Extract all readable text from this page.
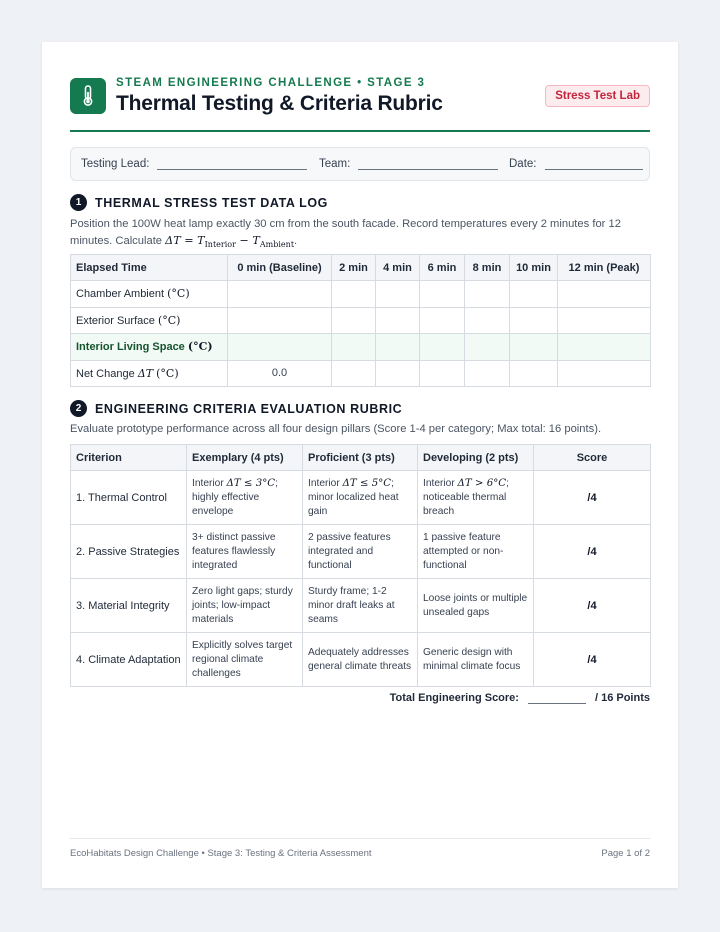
STEAM ENGINEERING CHALLENGE • STAGE 3
Thermal Testing & Criteria Rubric	Stress Test Lab
Testing Lead:	Team:	Date:
1	THERMAL STRESS TEST DATA LOG
Position the 100W heat lamp exactly 30 cm from the south facade. Record temperatures every 2 minutes for 12 minutes. Calculate $\Delta T = T_{Interior} - T_{Ambient}$.
Elapsed Time	0 min (Baseline)	2 min	4 min	6 min	8 min	10 min	12 min (Peak)
Chamber Ambient (°C)							
Exterior Surface (°C)							
Interior Living Space (°C)							
Net Change ΔT (°C)	0.0						
2	ENGINEERING CRITERIA EVALUATION RUBRIC
Evaluate prototype performance across all four design pillars (Score 1-4 per category; Max total: 16 points).
Criterion	Exemplary (4 pts)	Proficient (3 pts)	Developing (2 pts)	Score
1. Thermal Control	Interior ΔT ≤ 3°C; highly effective envelope	Interior ΔT ≤ 5°C; minor localized heat gain	Interior ΔT > 6°C; noticeable thermal breach	/4
2. Passive Strategies	3+ distinct passive features flawlessly integrated	2 passive features integrated and functional	1 passive feature attempted or non-functional	/4
3. Material Integrity	Zero light gaps; sturdy joints; low-impact materials	Sturdy frame; 1-2 minor draft leaks at seams	Loose joints or multiple unsealed gaps	/4
4. Climate Adaptation	Explicitly solves target regional climate challenges	Adequately addresses general climate threats	Generic design with minimal climate focus	/4
Total Engineering Score:	/ 16 Points
EcoHabitats Design Challenge • Stage 3: Testing & Criteria Assessment	Page 1 of 2
